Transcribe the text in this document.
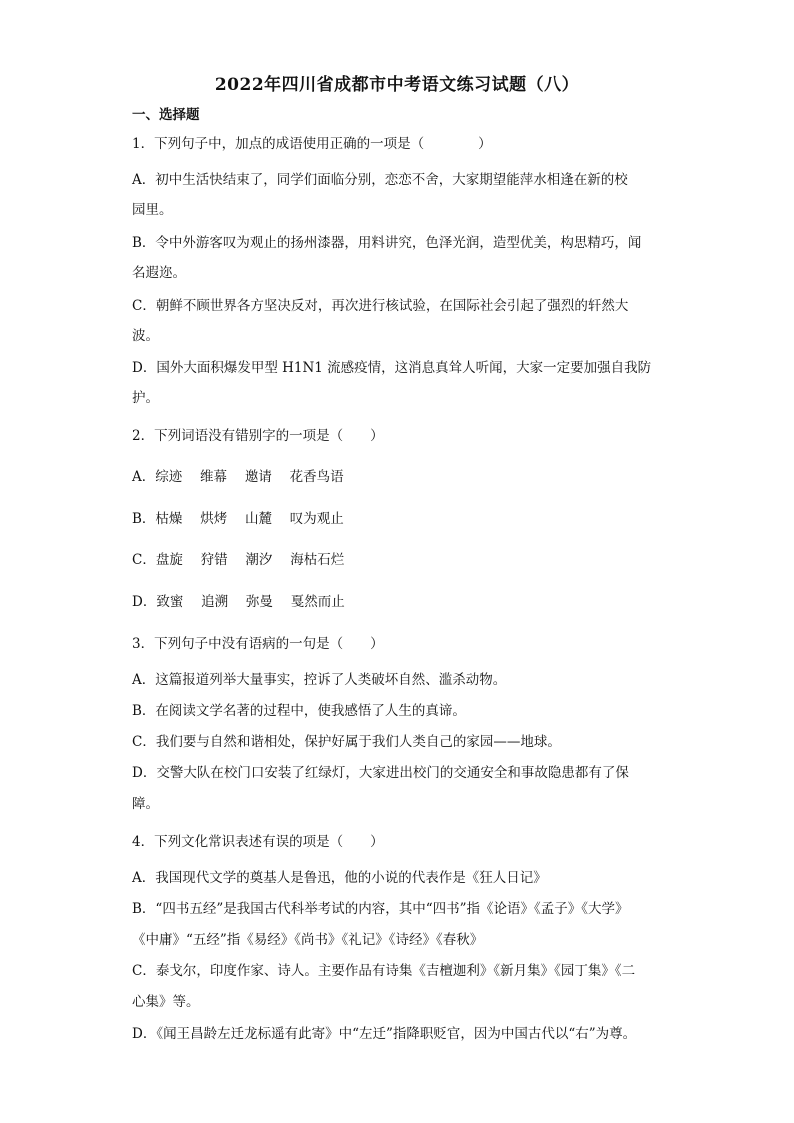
2022年四川省成都市中考语文练习试题（八）
一、选择题
1．下列句子中，加点的成语使用正确的一项是（　　　　）
A．初中生活快结束了，同学们面临分别，恋恋不舍，大家期望能萍水相逢在新的校
园里。
B．令中外游客叹为观止的扬州漆器，用料讲究，色泽光润，造型优美，构思精巧，闻
名遐迩。
C．朝鲜不顾世界各方坚决反对，再次进行核试验，在国际社会引起了强烈的轩然大
波。
D．国外大面积爆发甲型 H1N1 流感疫情，这消息真耸人听闻，大家一定要加强自我防
护。
2．下列词语没有错别字的一项是（　　）
A．综迹　 维幕　 邀请　 花香鸟语
B．枯燥　 烘烤　 山麓　 叹为观止
C．盘旋　 狩错　 潮汐　 海枯石烂
D．致蜜　 追溯　 弥曼　 戛然而止
3．下列句子中没有语病的一句是（　　）
A．这篇报道列举大量事实，控诉了人类破坏自然、滥杀动物。
B．在阅读文学名著的过程中，使我感悟了人生的真谛。
C．我们要与自然和谐相处，保护好属于我们人类自己的家园——地球。
D．交警大队在校门口安装了红绿灯，大家进出校门的交通安全和事故隐患都有了保
障。
4．下列文化常识表述有误的项是（　　）
A．我国现代文学的奠基人是鲁迅，他的小说的代表作是《狂人日记》
B．“四书五经”是我国古代科举考试的内容，其中“四书”指《论语》《孟子》《大学》
《中庸》“五经”指《易经》《尚书》《礼记》《诗经》《春秋》
C．泰戈尔，印度作家、诗人。主要作品有诗集《吉檀迦利》《新月集》《园丁集》《二
心集》等。
D．《闻王昌龄左迁龙标遥有此寄》中“左迁”指降职贬官，因为中国古代以“右”为尊。
